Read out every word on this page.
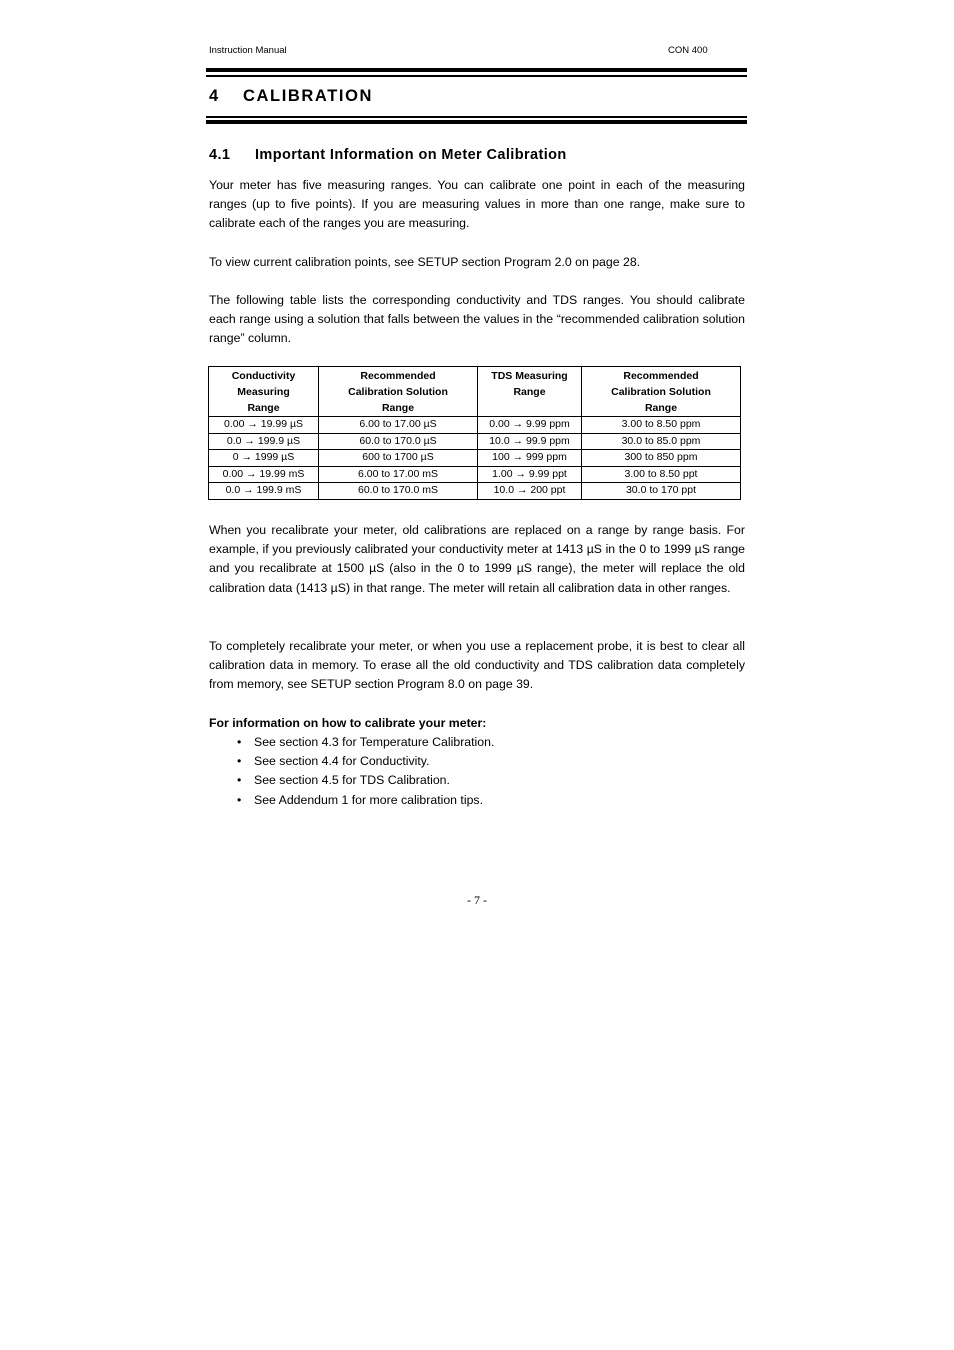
Instruction Manual	CON 400
4 CALIBRATION
4.1 Important Information on Meter Calibration

Your meter has five measuring ranges. You can calibrate one point in each of the measuring ranges (up to five points). If you are measuring values in more than one range, make sure to calibrate each of the ranges you are measuring.

To view current calibration points, see SETUP section Program 2.0 on page 28.

The following table lists the corresponding conductivity and TDS ranges. You should calibrate each range using a solution that falls between the values in the “recommended calibration solution range” column.

Conductivity
Measuring
Range	Recommended
Calibration Solution
Range	TDS Measuring
Range	Recommended
Calibration Solution
Range
0.00 → 19.99 µS	6.00 to 17.00 µS	0.00 → 9.99 ppm	3.00 to 8.50 ppm
0.0 → 199.9 µS	60.0 to 170.0 µS	10.0 → 99.9 ppm	30.0 to 85.0 ppm
0 → 1999 µS	600 to 1700 µS	100 → 999 ppm	300 to 850 ppm
0.00 → 19.99 mS	6.00 to 17.00 mS	1.00 → 9.99 ppt	3.00 to 8.50 ppt
0.0 → 199.9 mS	60.0 to 170.0 mS	10.0 → 200 ppt	30.0 to 170 ppt

When you recalibrate your meter, old calibrations are replaced on a range by range basis. For example, if you previously calibrated your conductivity meter at 1413 µS in the 0 to 1999 µS range and you recalibrate at 1500 µS (also in the 0 to 1999 µS range), the meter will replace the old calibration data (1413 µS) in that range. The meter will retain all calibration data in other ranges.

To completely recalibrate your meter, or when you use a replacement probe, it is best to clear all calibration data in memory. To erase all the old conductivity and TDS calibration data completely from memory, see SETUP section Program 8.0 on page 39.

For information on how to calibrate your meter:
• See section 4.3 for Temperature Calibration.
• See section 4.4 for Conductivity.
• See section 4.5 for TDS Calibration.
• See Addendum 1 for more calibration tips.
- 7 -
